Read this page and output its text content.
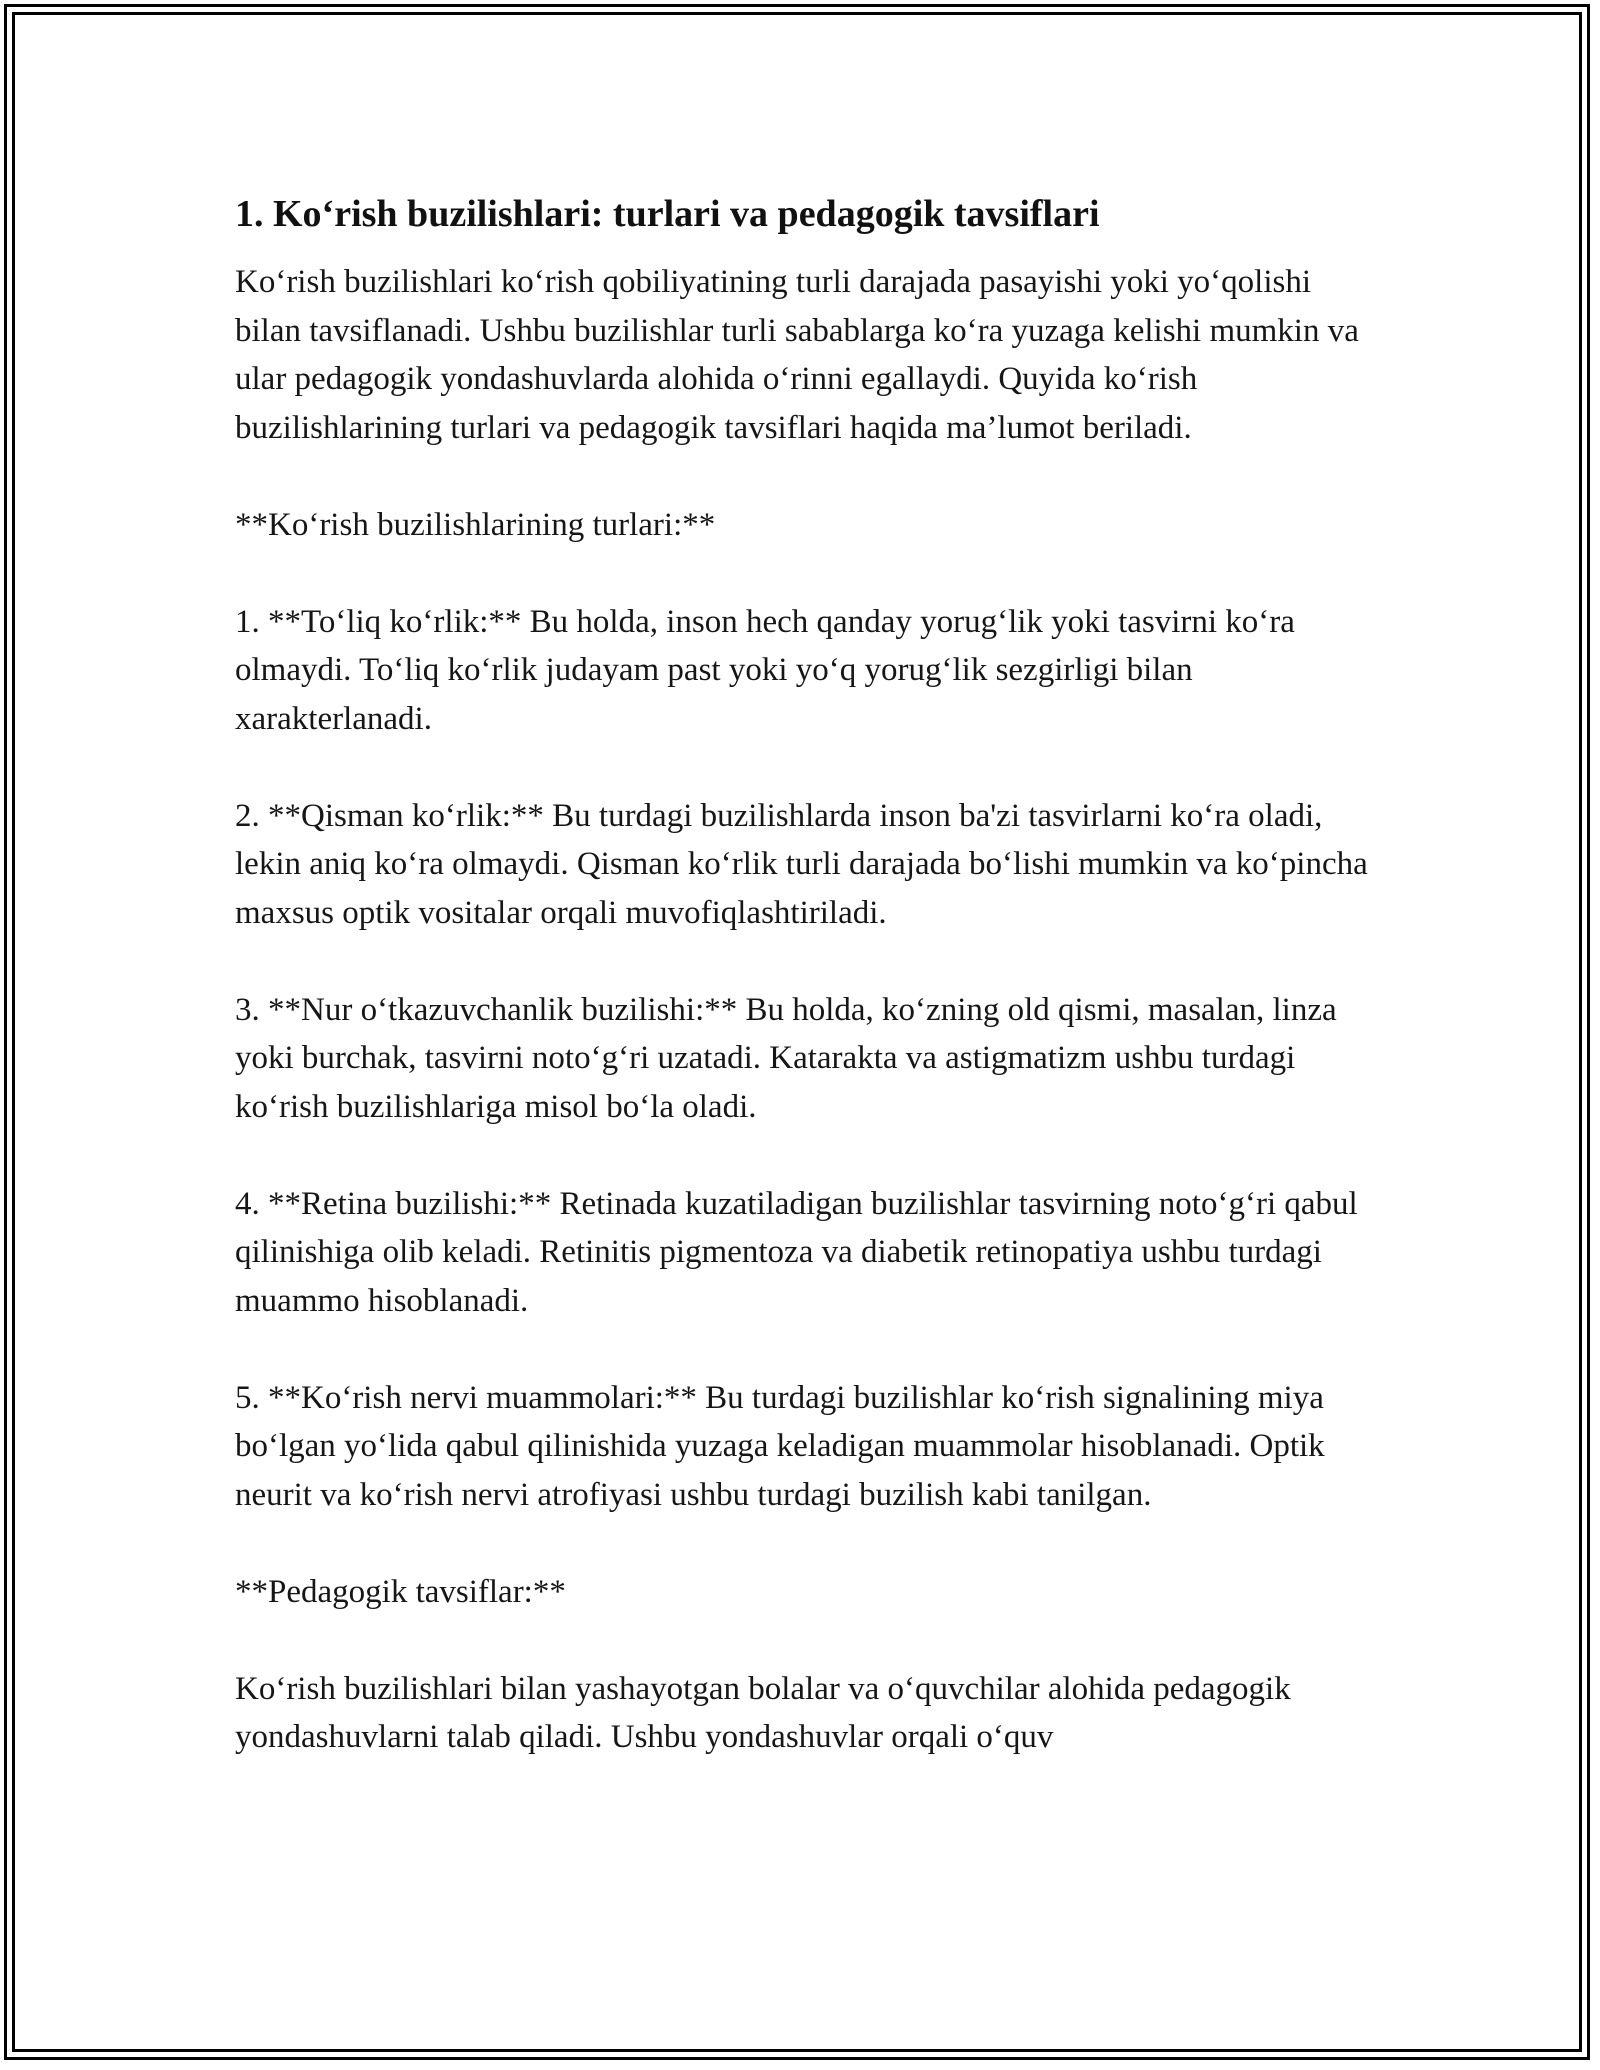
1. Ko‘rish buzilishlari: turlari va pedagogik tavsiflari

Ko‘rish buzilishlari ko‘rish qobiliyatining turli darajada pasayishi yoki yo‘qolishi bilan tavsiflanadi. Ushbu buzilishlar turli sabablarga ko‘ra yuzaga kelishi mumkin va ular pedagogik yondashuvlarda alohida o‘rinni egallaydi. Quyida ko‘rish buzilishlarining turlari va pedagogik tavsiflari haqida ma’lumot beriladi.

**Ko‘rish buzilishlarining turlari:**

1. **To‘liq ko‘rlik:** Bu holda, inson hech qanday yorug‘lik yoki tasvirni ko‘ra olmaydi. To‘liq ko‘rlik judayam past yoki yo‘q yorug‘lik sezgirligi bilan xarakterlanadi.

2. **Qisman ko‘rlik:** Bu turdagi buzilishlarda inson ba'zi tasvirlarni ko‘ra oladi, lekin aniq ko‘ra olmaydi. Qisman ko‘rlik turli darajada bo‘lishi mumkin va ko‘pincha maxsus optik vositalar orqali muvofiqlashtiriladi.

3. **Nur o‘tkazuvchanlik buzilishi:** Bu holda, ko‘zning old qismi, masalan, linza yoki burchak, tasvirni noto‘g‘ri uzatadi. Katarakta va astigmatizm ushbu turdagi ko‘rish buzilishlariga misol bo‘la oladi.

4. **Retina buzilishi:** Retinada kuzatiladigan buzilishlar tasvirning noto‘g‘ri qabul qilinishiga olib keladi. Retinitis pigmentoza va diabetik retinopatiya ushbu turdagi muammo hisoblanadi.

5. **Ko‘rish nervi muammolari:** Bu turdagi buzilishlar ko‘rish signalining miya bo‘lgan yo‘lida qabul qilinishida yuzaga keladigan muammolar hisoblanadi. Optik neurit va ko‘rish nervi atrofiyasi ushbu turdagi buzilish kabi tanilgan.

**Pedagogik tavsiflar:**

Ko‘rish buzilishlari bilan yashayotgan bolalar va o‘quvchilar alohida pedagogik yondashuvlarni talab qiladi. Ushbu yondashuvlar orqali o‘quv
